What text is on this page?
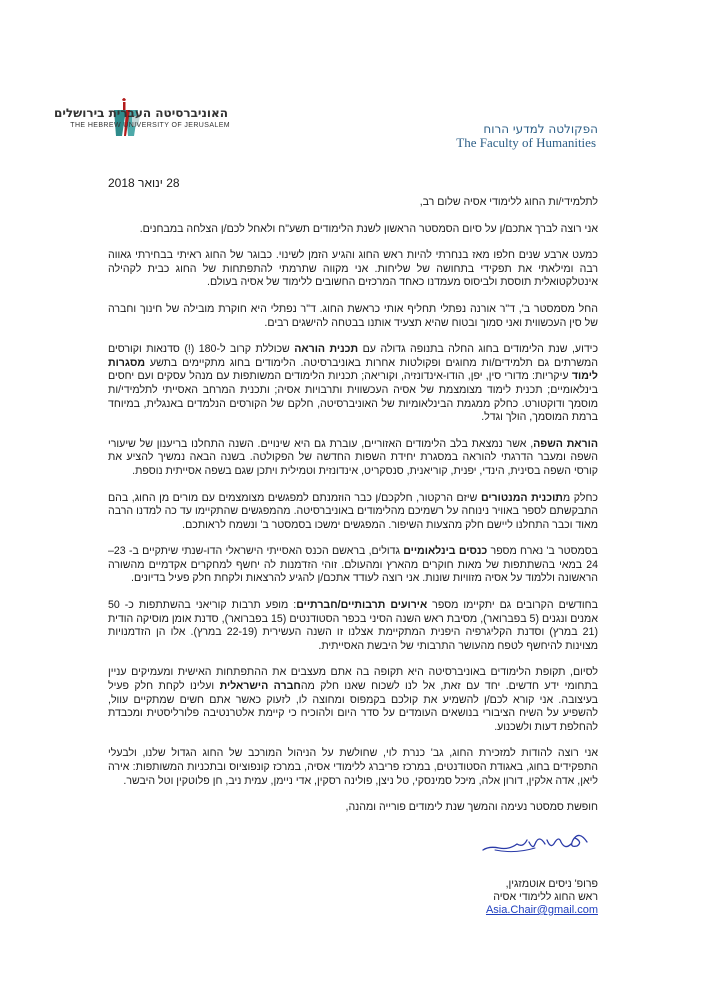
האוניברסיטה העברית בירושלים
THE HEBREW UNIVERSITY OF JERUSALEM	הפקולטה למדעי הרוח
The Faculty of Humanities
28 ינואר 2018

לתלמידי/ות החוג ללימודי אסיה שלום רב,

אני רוצה לברך אתכם/ן על סיום הסמסטר הראשון לשנת הלימודים תשע"ח ולאחל לכם/ן הצלחה במבחנים.

כמעט ארבע שנים חלפו מאז בנחרתי להיות ראש החוג והגיע הזמן לשינוי. כבוגר של החוג ראיתי בבחירתי גאווה רבה ומילאתי את תפקידי בתחושה של שליחות. אני מקווה שתרמתי להתפתחות של החוג כבית לקהילה אינטלקטואלית תוססת ולביסוס מעמדנו כאחד המרכזים החשובים ללימוד של אסיה בעולם.

החל מסמסטר ב', ד"ר אורנה נפתלי תחליף אותי כראשת החוג. ד"ר נפתלי היא חוקרת מובילה של חינוך וחברה של סין העכשווית ואני סמוך ובטוח שהיא תצעיד אותנו בבטחה להישגים רבים.

כידוע, שנת הלימודים בחוג החלה בתנופה גדולה עם תכנית הוראה שכוללת קרוב ל-180 (!) סדנאות וקורסים המשרתים גם תלמידים/ות מחוגים ופקולטות אחרות באוניברסיטה. הלימודים בחוג מתקיימים בתשע מסגרות לימוד עיקריות: מדורי סין, יפן, הודו-אינדונזיה, וקוריאה; תכניות הלימודים המשותפות עם מנהל עסקים ועם יחסים בינלאומיים; תכנית לימוד מצומצמת של אסיה העכשווית ותרבויות אסיה; ותכנית המרחב האסייתי לתלמידי/ות מוסמך ודוקטורט. כחלק ממגמת הבינלאומיות של האוניברסיטה, חלקם של הקורסים הנלמדים באנגלית, במיוחד ברמת המוסמך, הולך וגדל.

הוראת השפה, אשר נמצאת בלב הלימודים האזוריים, עוברת גם היא שינויים. השנה התחלנו בריענון של שיעורי השפה ומעבר הדרגתי להוראה במסגרת יחידת השפות החדשה של הפקולטה. בשנה הבאה נמשיך להציע את קורסי השפה בסינית, הינדי, יפנית, קוריאנית, סנסקריט, אינדונזית וטמילית ויתכן שגם בשפה אסייתית נוספת.

כחלק מתוכנית המנטורים שיזם הרקטור, חלקכם/ן כבר הוזמנתם למפגשים מצומצמים עם מורים מן החוג, בהם התבקשתם לספר באוויר נינוחה על רשמיכם מהלימודים באוניברסיטה. מהמפגשים שהתקיימו עד כה למדנו הרבה מאוד וכבר התחלנו ליישם חלק מהצעות השיפור. המפגשים ימשכו בסמסטר ב' ונשמח לראותכם.

בסמסטר ב' נארח מספר כנסים בינלאומיים גדולים, בראשם הכנס האסייתי הישראלי הדו-שנתי שיתקיים ב- 23–24 במאי בהשתתפות של מאות חוקרים מהארץ ומהעולם. זוהי הזדמנות לה יחשף למחקרים אקדמיים מהשורה הראשונה וללמוד על אסיה מזוויות שונות. אני רוצה לעודד אתכם/ן להגיע להרצאות ולקחת חלק פעיל בדיונים.

בחודשים הקרובים גם יתקיימו מספר אירועים תרבותיים/חברתיים: מופע תרבות קוריאני בהשתתפות כ- 50 אמנים ונגנים (5 בפברואר), מסיבת ראש השנה הסיני בכפר הסטודנטים (15 בפברואר), סדנת אומן מוסיקה הודית (21 במרץ) וסדנת הקליגרפיה היפנית המתקיימת אצלנו זו השנה העשירית (22-19 במרץ). אלו הן הזדמנויות מצוינות להיחשף לטפח מהעושר התרבותי של היבשת האסייתית.

לסיום, תקופת הלימודים באוניברסיטה היא תקופה בה אתם מעצבים את ההתפתחות האישית ומעמיקים עניין בתחומי ידע חדשים. יחד עם זאת, אל לנו לשכוח שאנו חלק מהחברה הישראלית ועלינו לקחת חלק פעיל בעיצובה. אני קורא לכם/ן להשמיע את קולכם בקמפוס ומחוצה לו, לזעוק כאשר אתם חשים שמתקיים עוול, להשפיע על השיח הציבורי בנושאים העומדים על סדר היום ולהוכיח כי קיימת אלטרנטיבה פלורליסטית ומכבדת להחלפת דעות ולשכנוע.

אני רוצה להודות למזכירת החוג, גב' כנרת לוי, שחולשת על הניהול המורכב של החוג הגדול שלנו, ולבעלי התפקידים בחוג, באגודת הסטודנטים, במרכז פריברג ללימודי אסיה, במרכז קונפוציוס ובתכניות המשותפות: אירה ליאן, אדה אלקין, דורון אלה, מיכל סמינסקי, טל ניצן, פולינה רסקין, אדי ניימן, עמית ניב, חן פלוטקין וטל היבשר.

חופשת סמסטר נעימה והמשך שנת לימודים פורייה ומהנה,

פרופ' ניסים אוטמזגין,
ראש החוג ללימודי אסיה
Asia.Chair@gmail.com
